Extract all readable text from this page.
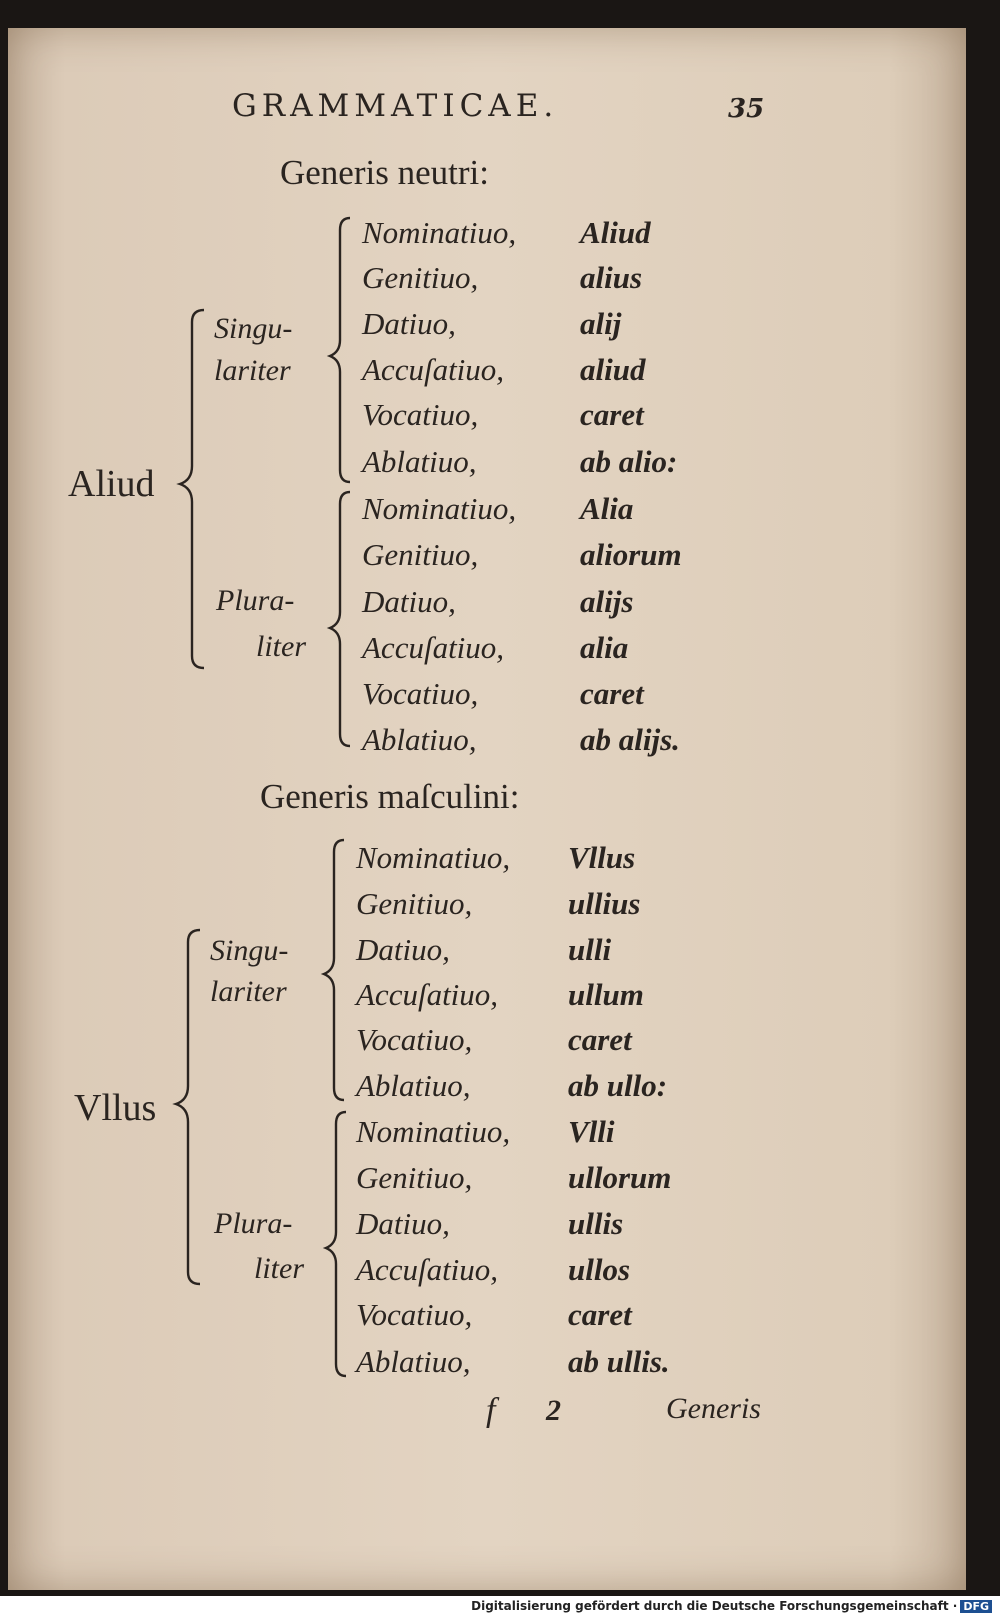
GRAMMATICAE.	35
Generis neutri:
Aliud
Singu-
lariter
Plura-
liter
Generis maſculini:
Vllus
Singu-
lariter
Plura-
liter
Nominatiuo, Aliud
Genitiuo,	alius
Datiuo,	alij
Accuſatiuo, aliud
Vocatiuo,	caret
Ablatiuo,	ab alio:
Nominatiuo, Alia
Genitiuo,	aliorum
Datiuo,	alijs
Accuſatiuo, alia
Vocatiuo,	caret
Ablatiuo,	ab alijs.
Nominatiuo, Vllus
Genitiuo,	ullius
Datiuo,	ulli
Accuſatiuo, ullum
Vocatiuo,	caret
Ablatiuo,	ab ullo:
Nominatiuo, Vlli
Genitiuo,	ullorum
Datiuo,	ullis
Accuſatiuo, ullos
Vocatiuo,	caret
Ablatiuo,	ab ullis.
f 2	Generis
Digitalisierung gefördert durch die Deutsche Forschungsgemeinschaft · DFG
